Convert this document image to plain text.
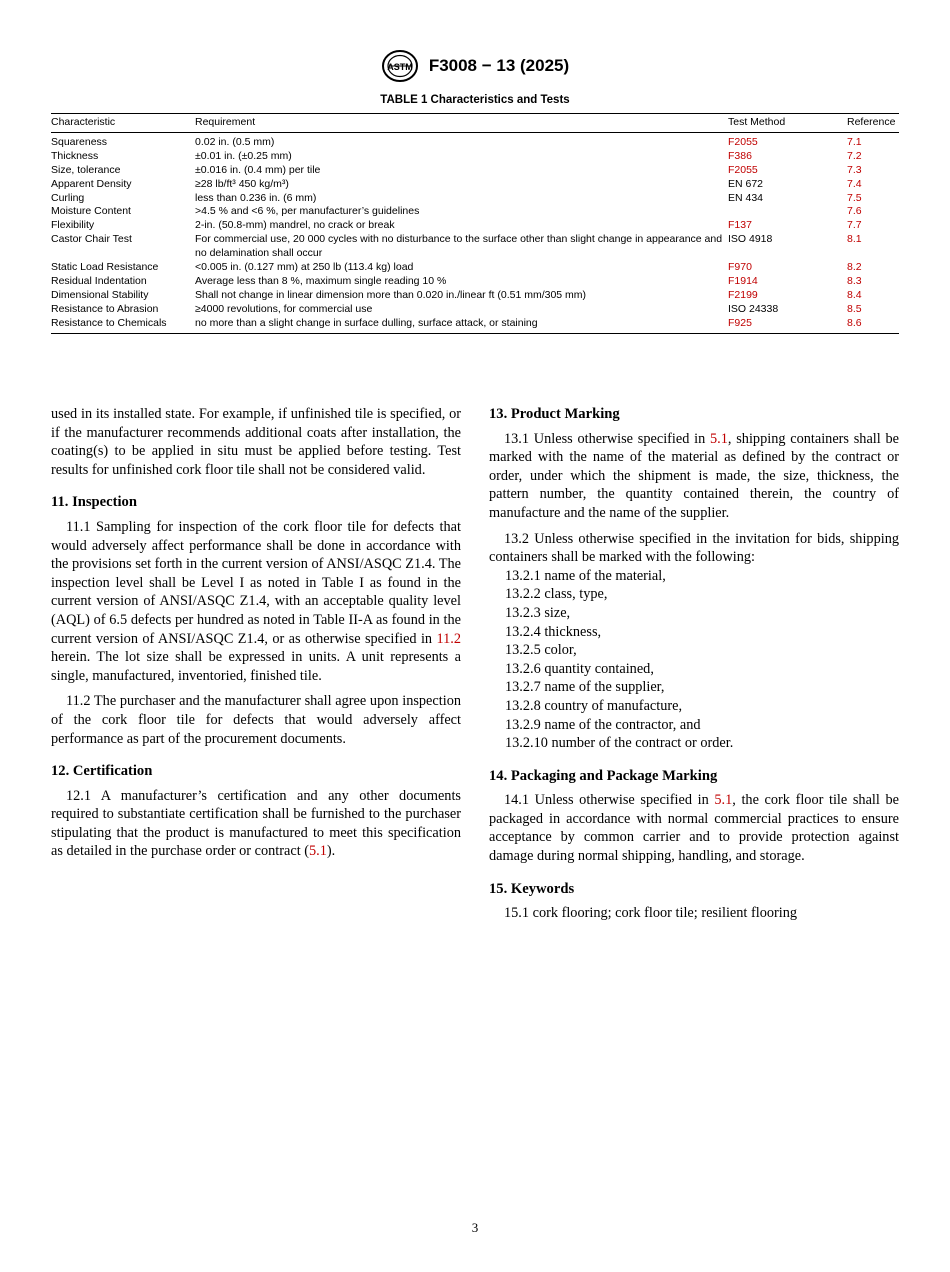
ASTM F3008 − 13 (2025)
TABLE 1 Characteristics and Tests
Characteristic	Requirement	Test Method	Reference
Squareness	0.02 in. (0.5 mm)	F2055	7.1
Thickness	±0.01 in. (±0.25 mm)	F386	7.2
Size, tolerance	±0.016 in. (0.4 mm) per tile	F2055	7.3
Apparent Density	≥28 lb/ft³ 450 kg/m³)	EN 672	7.4
Curling	less than 0.236 in. (6 mm)	EN 434	7.5
Moisture Content	>4.5 % and <6 %, per manufacturer’s guidelines		7.6
Flexibility	2-in. (50.8-mm) mandrel, no crack or break	F137	7.7
Castor Chair Test	For commercial use, 20 000 cycles with no disturbance to the surface other than slight change in appearance and no delamination shall occur	ISO 4918	8.1
Static Load Resistance	<0.005 in. (0.127 mm) at 250 lb (113.4 kg) load	F970	8.2
Residual Indentation	Average less than 8 %, maximum single reading 10 %	F1914	8.3
Dimensional Stability	Shall not change in linear dimension more than 0.020 in./linear ft (0.51 mm/305 mm)	F2199	8.4
Resistance to Abrasion	≥4000 revolutions, for commercial use	ISO 24338	8.5
Resistance to Chemicals	no more than a slight change in surface dulling, surface attack, or staining	F925	8.6

used in its installed state. For example, if unfinished tile is specified, or if the manufacturer recommends additional coats after installation, the coating(s) to be applied in situ must be applied before testing. Test results for unfinished cork floor tile shall not be considered valid.

11. Inspection

11.1 Sampling for inspection of the cork floor tile for defects that would adversely affect performance shall be done in accordance with the provisions set forth in the current version of ANSI/ASQC Z1.4. The inspection level shall be Level I as noted in Table I as found in the current version of ANSI/ASQC Z1.4, with an acceptable quality level (AQL) of 6.5 defects per hundred as noted in Table II-A as found in the current version of ANSI/ASQC Z1.4, or as otherwise specified in 11.2 herein. The lot size shall be expressed in units. A unit represents a single, manufactured, inventoried, finished tile.

11.2 The purchaser and the manufacturer shall agree upon inspection of the cork floor tile for defects that would adversely affect performance as part of the procurement documents.

12. Certification

12.1 A manufacturer’s certification and any other documents required to substantiate certification shall be furnished to the purchaser stipulating that the product is manufactured to meet this specification as detailed in the purchase order or contract (5.1).

13. Product Marking

13.1 Unless otherwise specified in 5.1, shipping containers shall be marked with the name of the material as defined by the contract or order, under which the shipment is made, the size, thickness, the pattern number, the quantity contained therein, the country of manufacture and the name of the supplier.

13.2 Unless otherwise specified in the invitation for bids, shipping containers shall be marked with the following:

13.2.1 name of the material,
13.2.2 class, type,
13.2.3 size,
13.2.4 thickness,
13.2.5 color,
13.2.6 quantity contained,
13.2.7 name of the supplier,
13.2.8 country of manufacture,
13.2.9 name of the contractor, and
13.2.10 number of the contract or order.
14. Packaging and Package Marking

14.1 Unless otherwise specified in 5.1, the cork floor tile shall be packaged in accordance with normal commercial practices to ensure acceptance by common carrier and to provide protection against damage during normal shipping, handling, and storage.

15. Keywords

15.1 cork flooring; cork floor tile; resilient flooring

3
